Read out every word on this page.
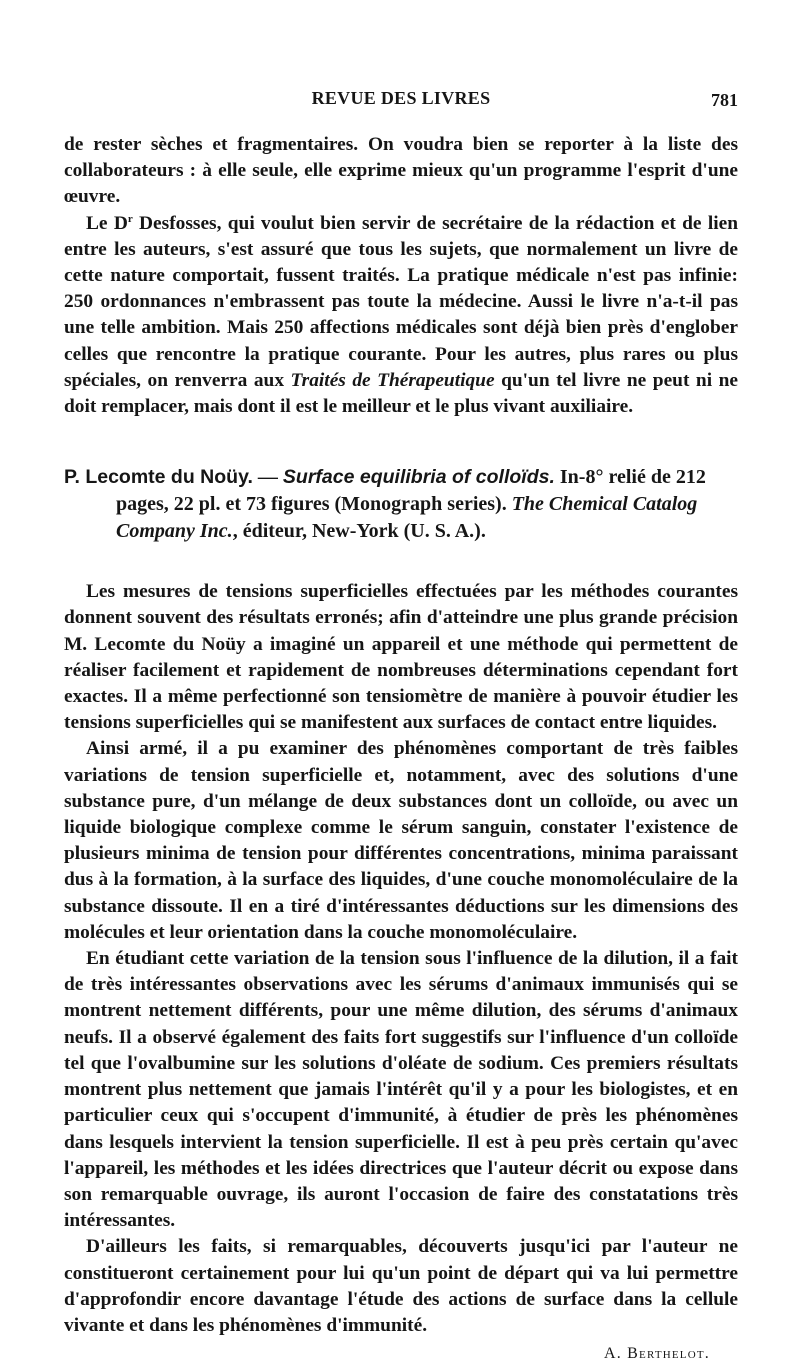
REVUE DES LIVRES	781

de rester sèches et fragmentaires. On voudra bien se reporter à la liste des collaborateurs : à elle seule, elle exprime mieux qu'un programme l'esprit d'une œuvre.

Le $D^r$ Desfosses, qui voulut bien servir de secrétaire de la rédaction et de lien entre les auteurs, s'est assuré que tous les sujets, que normalement un livre de cette nature comportait, fussent traités. La pratique médicale n'est pas infinie: 250 ordonnances n'embrassent pas toute la médecine. Aussi le livre n'a-t-il pas une telle ambition. Mais 250 affections médicales sont déjà bien près d'englober celles que rencontre la pratique courante. Pour les autres, plus rares ou plus spéciales, on renverra aux Traités de Thérapeutique qu'un tel livre ne peut ni ne doit remplacer, mais dont il est le meilleur et le plus vivant auxiliaire.

P. Lecomte du Noüy. — Surface equilibria of colloïds. In-8° relié de 212 pages, 22 pl. et 73 figures (Monograph series). The Chemical Catalog Company Inc., éditeur, New-York (U. S. A.).

Les mesures de tensions superficielles effectuées par les méthodes courantes donnent souvent des résultats erronés; afin d'atteindre une plus grande précision M. Lecomte du Noüy a imaginé un appareil et une méthode qui permettent de réaliser facilement et rapidement de nombreuses déterminations cependant fort exactes. Il a même perfectionné son tensiomètre de manière à pouvoir étudier les tensions superficielles qui se manifestent aux surfaces de contact entre liquides.

Ainsi armé, il a pu examiner des phénomènes comportant de très faibles variations de tension superficielle et, notamment, avec des solutions d'une substance pure, d'un mélange de deux substances dont un colloïde, ou avec un liquide biologique complexe comme le sérum sanguin, constater l'existence de plusieurs minima de tension pour différentes concentrations, minima paraissant dus à la formation, à la surface des liquides, d'une couche monomoléculaire de la substance dissoute. Il en a tiré d'intéressantes déductions sur les dimensions des molécules et leur orientation dans la couche monomoléculaire.

En étudiant cette variation de la tension sous l'influence de la dilution, il a fait de très intéressantes observations avec les sérums d'animaux immunisés qui se montrent nettement différents, pour une même dilution, des sérums d'animaux neufs. Il a observé également des faits fort suggestifs sur l'influence d'un colloïde tel que l'ovalbumine sur les solutions d'oléate de sodium. Ces premiers résultats montrent plus nettement que jamais l'intérêt qu'il y a pour les biologistes, et en particulier ceux qui s'occupent d'immunité, à étudier de près les phénomènes dans lesquels intervient la tension superficielle. Il est à peu près certain qu'avec l'appareil, les méthodes et les idées directrices que l'auteur décrit ou expose dans son remarquable ouvrage, ils auront l'occasion de faire des constatations très intéressantes.

D'ailleurs les faits, si remarquables, découverts jusqu'ici par l'auteur ne constitueront certainement pour lui qu'un point de départ qui va lui permettre d'approfondir encore davantage l'étude des actions de surface dans la cellule vivante et dans les phénomènes d'immunité.

A. Berthelot.
